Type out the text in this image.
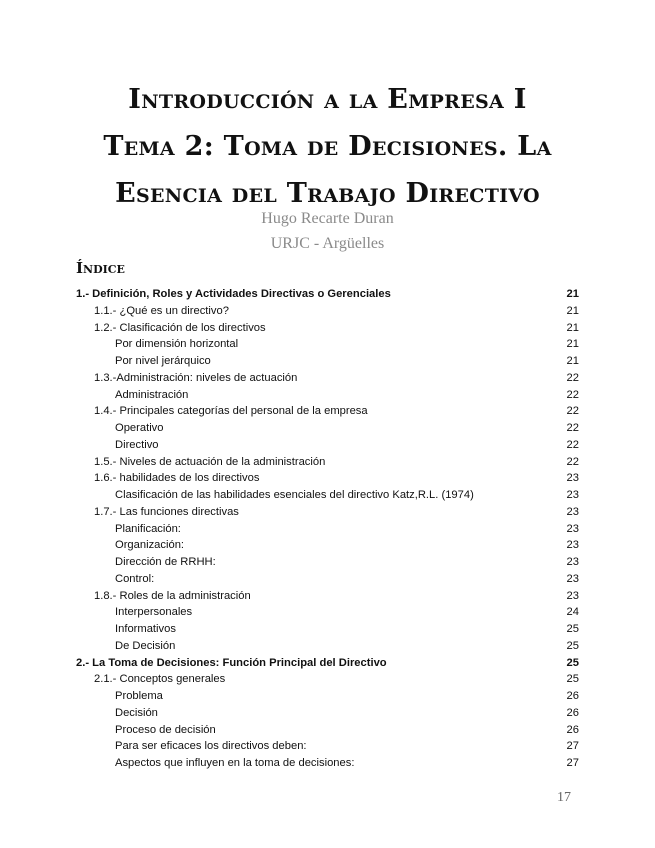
Introducción a la Empresa I
Tema 2: Toma de Decisiones. La
Esencia del Trabajo Directivo
Hugo Recarte Duran
URJC - Argüelles
Índice
1.- Definición, Roles y Actividades Directivas o Gerenciales	21
1.1.- ¿Qué es un directivo?	21
1.2.- Clasificación de los directivos	21
Por dimensión horizontal	21
Por nivel jerárquico	21
1.3.-Administración: niveles de actuación	22
Administración	22
1.4.- Principales categorías del personal de la empresa	22
Operativo	22
Directivo	22
1.5.- Niveles de actuación de la administración	22
1.6.- habilidades de los directivos	23
Clasificación de las habilidades esenciales del directivo Katz,R.L. (1974)	23
1.7.- Las funciones directivas	23
Planificación:	23
Organización:	23
Dirección de RRHH:	23
Control:	23
1.8.- Roles de la administración	23
Interpersonales	24
Informativos	25
De Decisión	25
2.- La Toma de Decisiones: Función Principal del Directivo	25
2.1.- Conceptos generales	25
Problema	26
Decisión	26
Proceso de decisión	26
Para ser eficaces los directivos deben:	27
Aspectos que influyen en la toma de decisiones:	27
17
